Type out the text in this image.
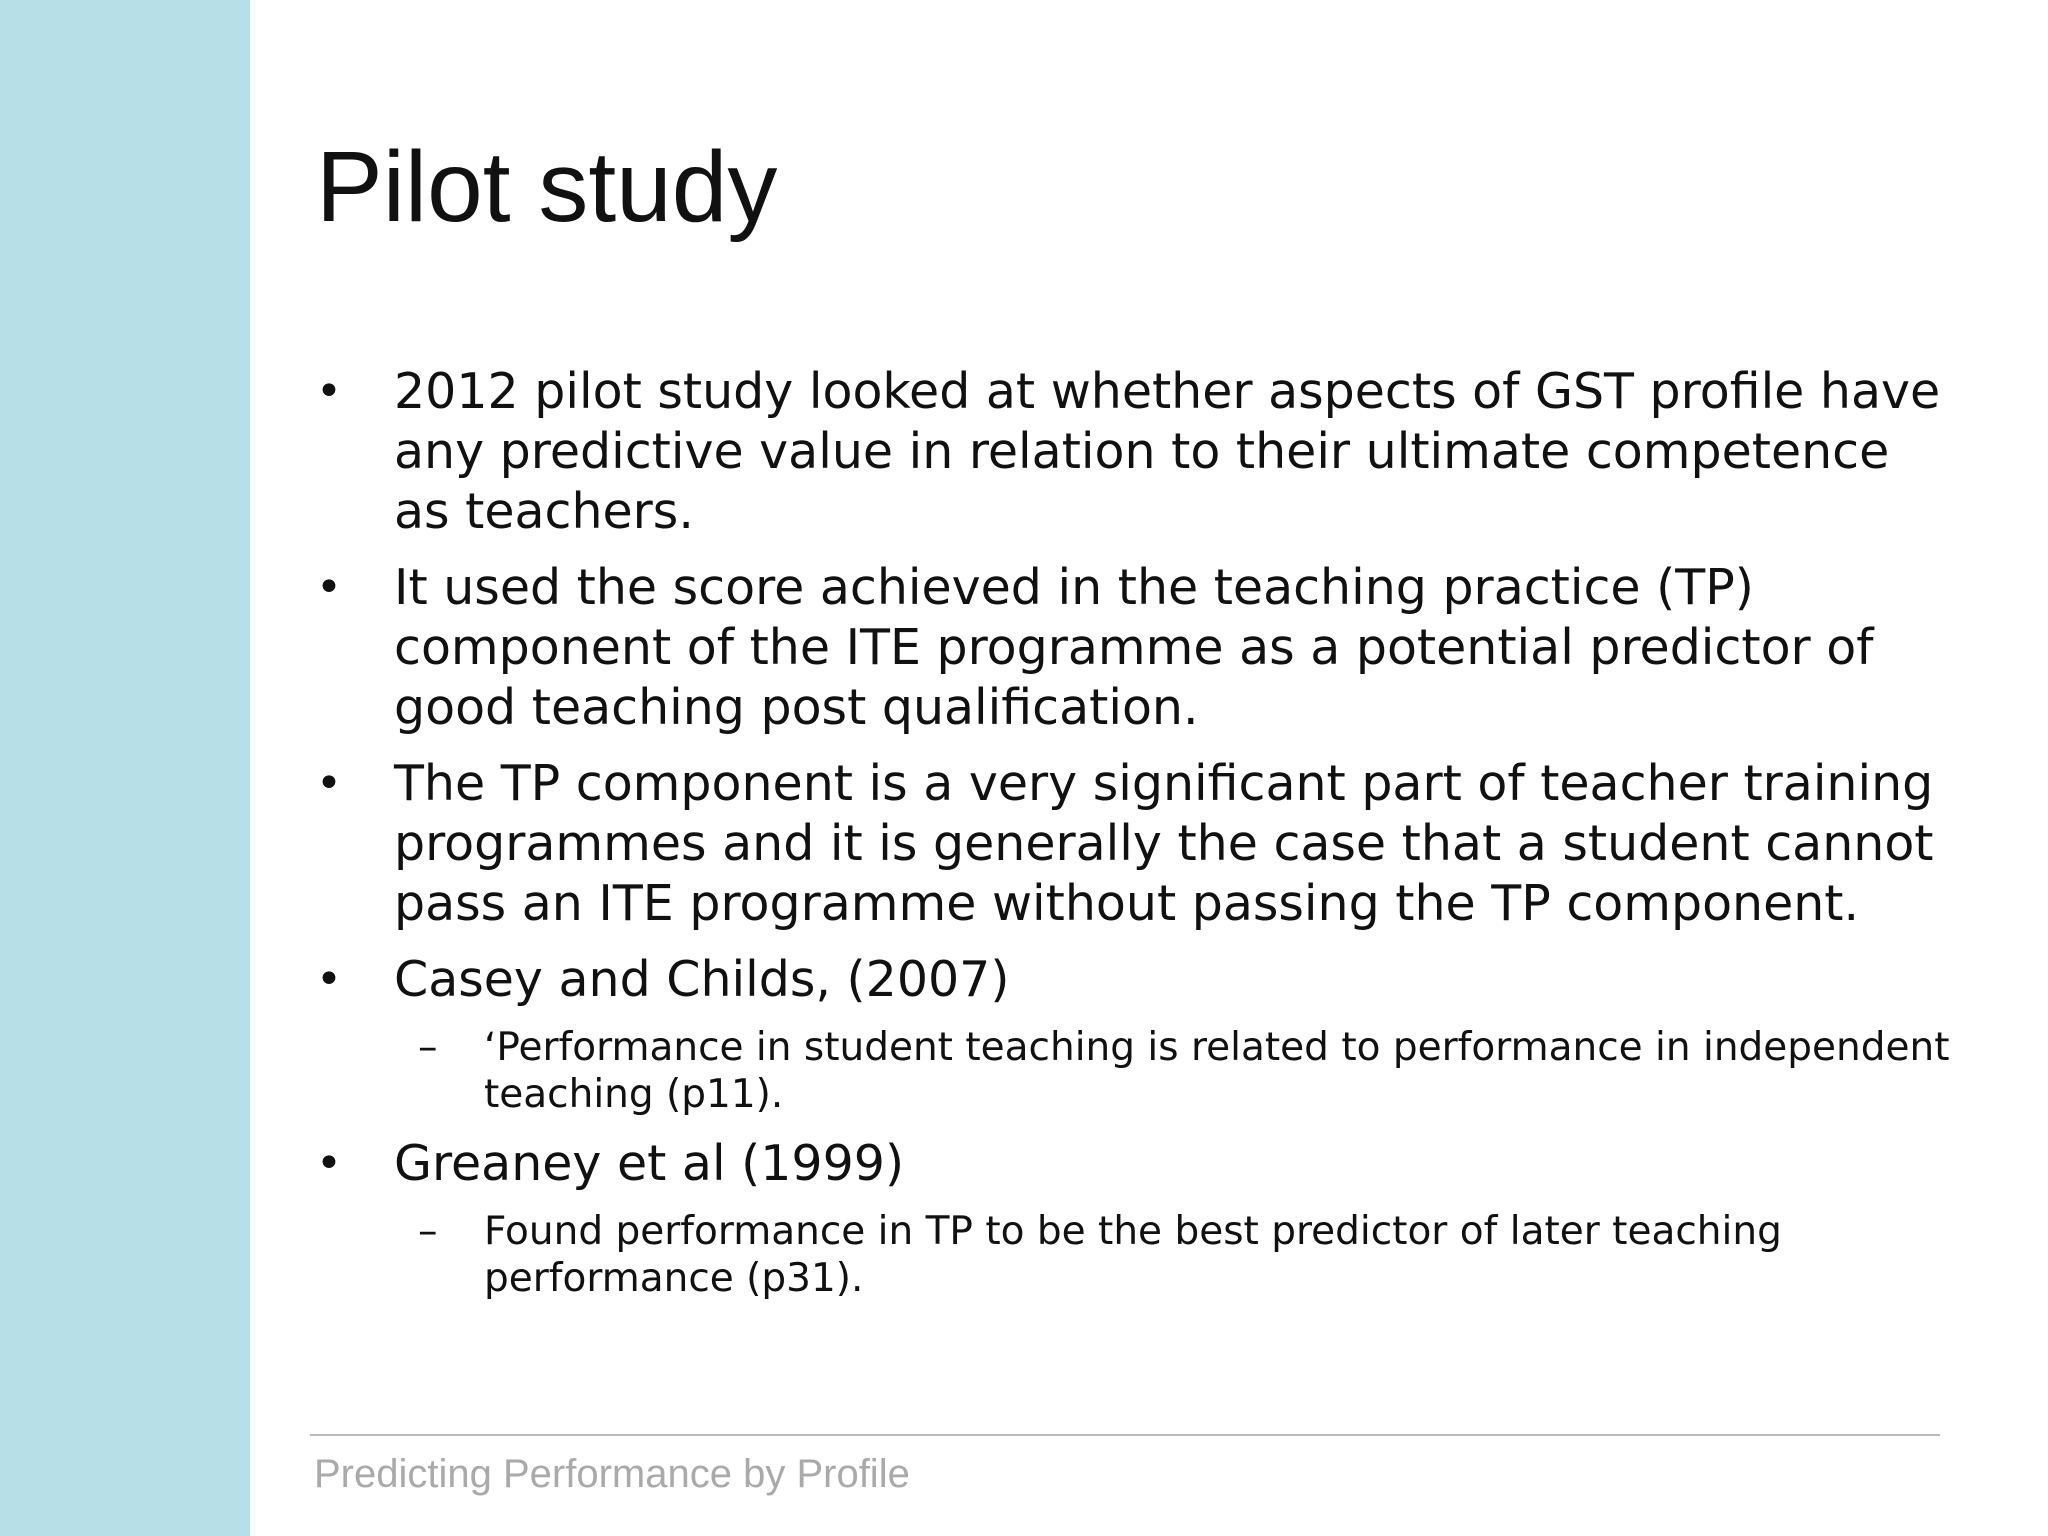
Pilot study
• 2012 pilot study looked at whether aspects of GST profile have any predictive value in relation to their ultimate competence as teachers.
• It used the score achieved in the teaching practice (TP) component of the ITE programme as a potential predictor of good teaching post qualification.
• The TP component is a very significant part of teacher training programmes and it is generally the case that a student cannot pass an ITE programme without passing the TP component.
• Casey and Childs, (2007)
– ‘Performance in student teaching is related to performance in independent teaching (p11).
• Greaney et al (1999)
– Found performance in TP to be the best predictor of later teaching performance (p31).
Predicting Performance by Profile
